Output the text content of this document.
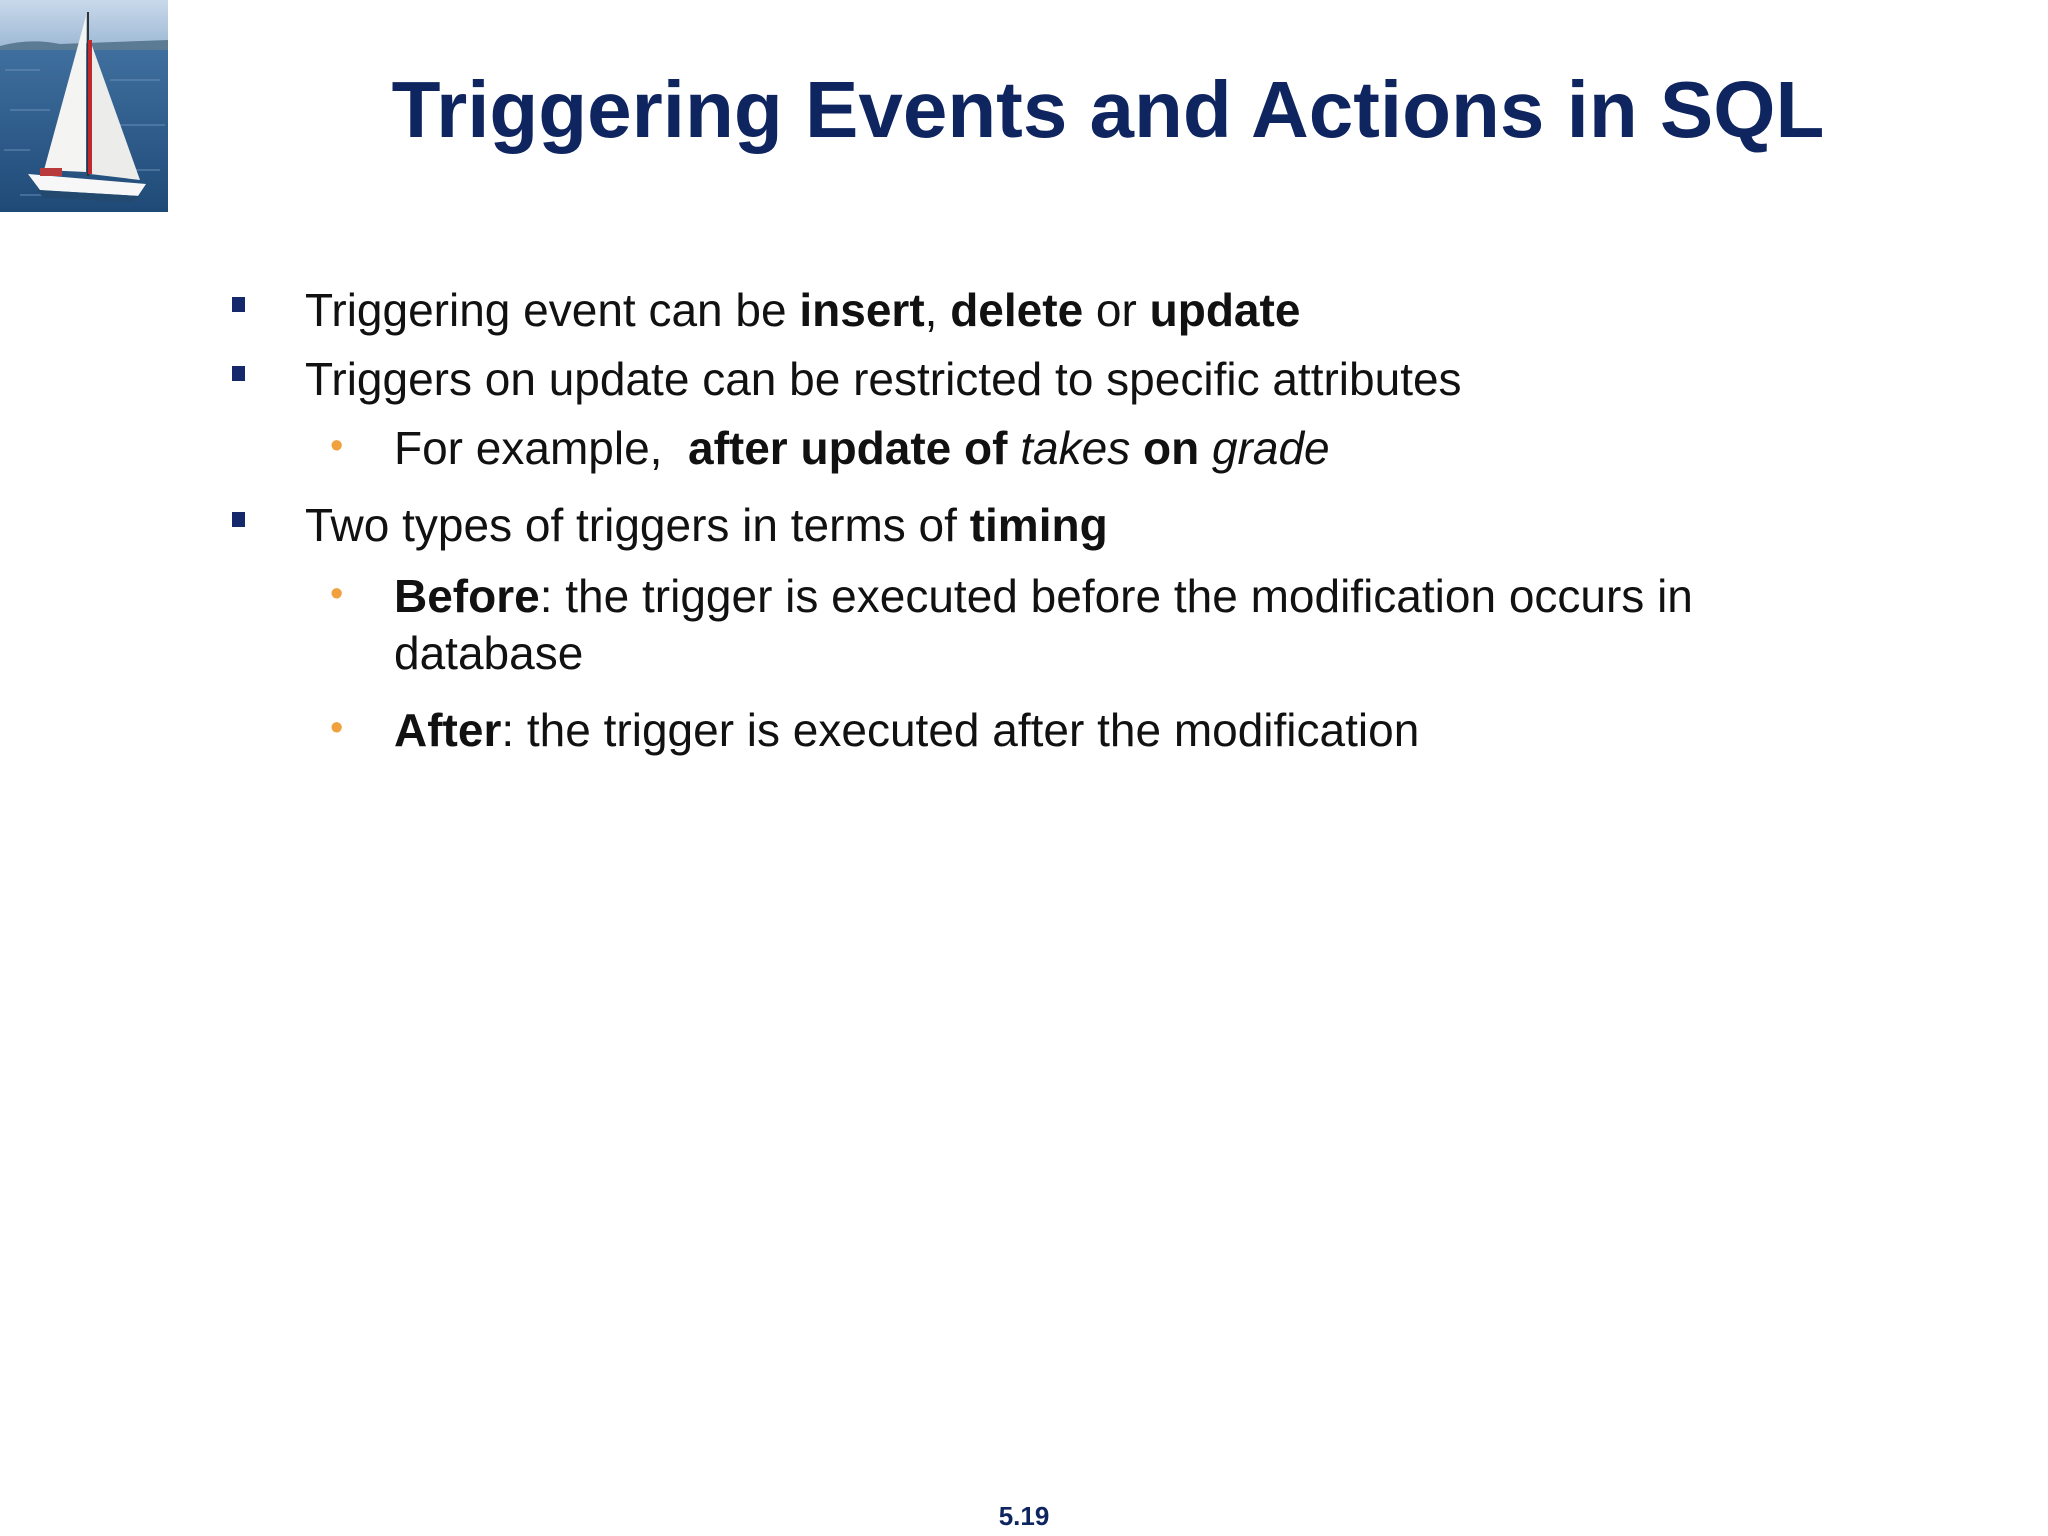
Triggering Events and Actions in SQL
Triggering event can be insert, delete or update
Triggers on update can be restricted to specific attributes
• For example,  after update of takes on grade
Two types of triggers in terms of timing
• Before: the trigger is executed before the modification occurs in database
• After: the trigger is executed after the modification
5.19
